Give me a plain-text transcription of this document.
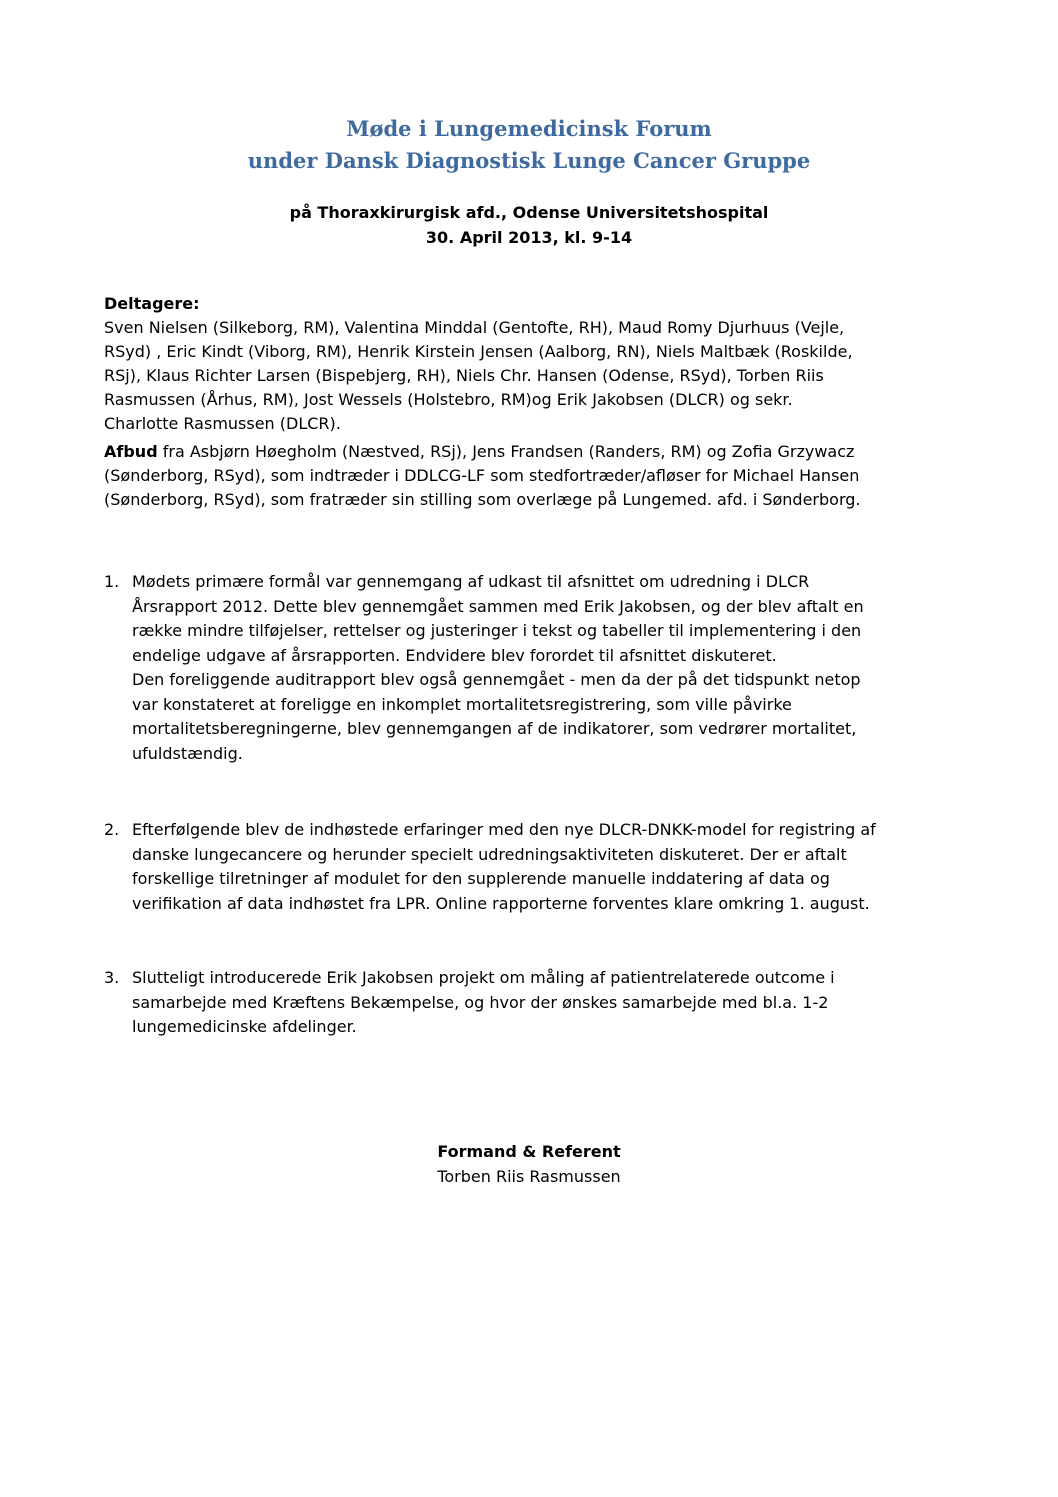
Møde i Lungemedicinsk Forum
under Dansk Diagnostisk Lunge Cancer Gruppe
på Thoraxkirurgisk afd., Odense Universitetshospital
30. April 2013, kl. 9-14
Deltagere:
Sven Nielsen (Silkeborg, RM), Valentina Minddal (Gentofte, RH), Maud Romy Djurhuus (Vejle,
RSyd) , Eric Kindt (Viborg, RM), Henrik Kirstein Jensen (Aalborg, RN), Niels Maltbæk (Roskilde,
RSj), Klaus Richter Larsen (Bispebjerg, RH), Niels Chr. Hansen (Odense, RSyd), Torben Riis
Rasmussen (Århus, RM), Jost Wessels (Holstebro, RM)og Erik Jakobsen (DLCR) og sekr.
Charlotte Rasmussen (DLCR).
Afbud fra Asbjørn Høegholm (Næstved, RSj), Jens Frandsen (Randers, RM) og Zofia Grzywacz
(Sønderborg, RSyd), som indtræder i DDLCG-LF som stedfortræder/afløser for Michael Hansen
(Sønderborg, RSyd), som fratræder sin stilling som overlæge på Lungemed. afd. i Sønderborg.
1. Mødets primære formål var gennemgang af udkast til afsnittet om udredning i DLCR
Årsrapport 2012. Dette blev gennemgået sammen med Erik Jakobsen, og der blev aftalt en
række mindre tilføjelser, rettelser og justeringer i tekst og tabeller til implementering i den
endelige udgave af årsrapporten. Endvidere blev forordet til afsnittet diskuteret.
Den foreliggende auditrapport blev også gennemgået - men da der på det tidspunkt netop
var konstateret at foreligge en inkomplet mortalitetsregistrering, som ville påvirke
mortalitetsberegningerne, blev gennemgangen af de indikatorer, som vedrører mortalitet,
ufuldstændig.
2. Efterfølgende blev de indhøstede erfaringer med den nye DLCR-DNKK-model for registring af
danske lungecancere og herunder specielt udredningsaktiviteten diskuteret. Der er aftalt
forskellige tilretninger af modulet for den supplerende manuelle inddatering af data og
verifikation af data indhøstet fra LPR. Online rapporterne forventes klare omkring 1. august.
3. Slutteligt introducerede Erik Jakobsen projekt om måling af patientrelaterede outcome i
samarbejde med Kræftens Bekæmpelse, og hvor der ønskes samarbejde med bl.a. 1-2
lungemedicinske afdelinger.
Formand & Referent
Torben Riis Rasmussen
